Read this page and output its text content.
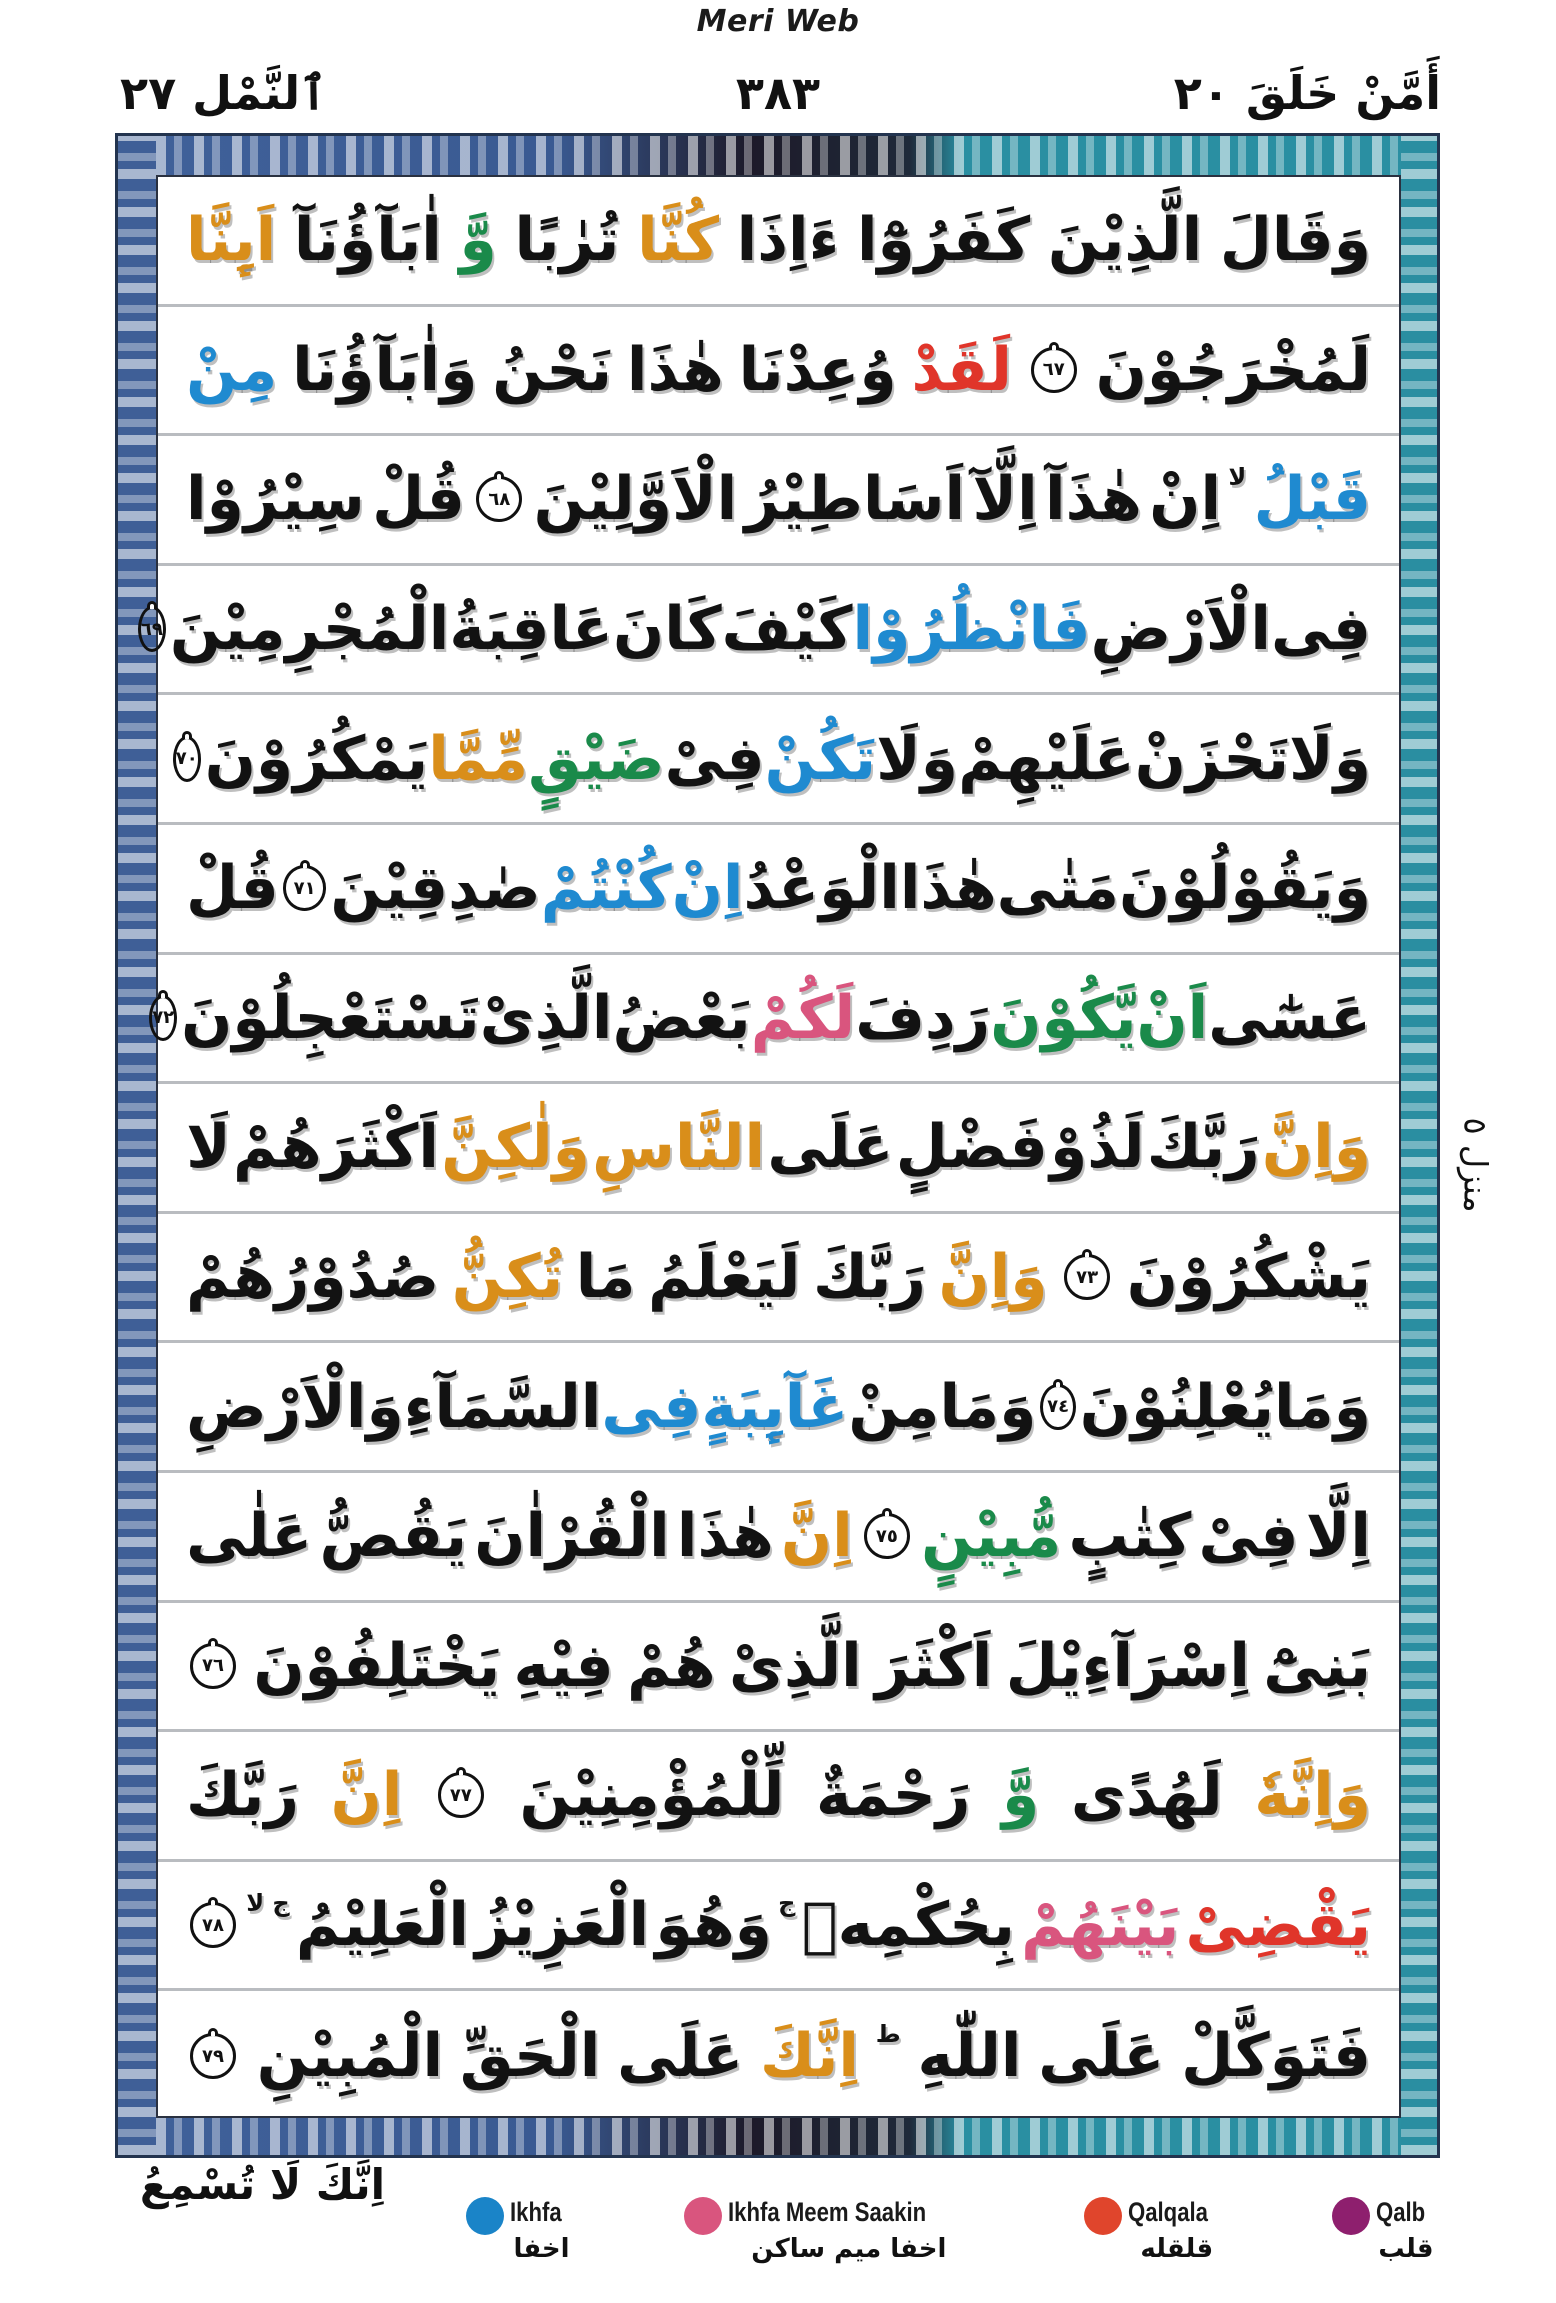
Meri Web
ٱلنَّمْل ٢٧	٣٨٣	أَمَّنْ خَلَقَ ٢٠
وَقَالَ
الَّذِيْنَ
كَفَرُوْٓا
ءَاِذَا
كُنَّا
تُرٰبًا
وَّ
اٰبَآؤُنَآ
اَىِٕنَّا
لَمُخْرَجُوْنَ
٦٧
لَقَدْ
وُعِدْنَا
هٰذَا
نَحْنُ
وَاٰبَآؤُنَا
مِنْ
قَبْلُ
لا
اِنْ
هٰذَآ
اِلَّآ
اَسَاطِيْرُ
الْاَوَّلِيْنَ
٦٨
قُلْ
سِيْرُوْا
فِى
الْاَرْضِ
فَانْظُرُوْا
كَيْفَ
كَانَ
عَاقِبَةُ
الْمُجْرِمِيْنَ
٦٩
وَلَا
تَحْزَنْ
عَلَيْهِمْ
وَلَا
تَكُنْ
فِىْ
ضَيْقٍ
مِّمَّا
يَمْكُرُوْنَ
٧٠
وَيَقُوْلُوْنَ
مَتٰى
هٰذَا
الْوَعْدُ
اِنْ
كُنْتُمْ
صٰدِقِيْنَ
٧١
قُلْ
عَسٰٓى
اَنْ
يَّكُوْنَ
رَدِفَ
لَكُمْ
بَعْضُ
الَّذِىْ
تَسْتَعْجِلُوْنَ
٧٢
وَاِنَّ
رَبَّكَ
لَذُوْ
فَضْلٍ
عَلَى
النَّاسِ
وَلٰكِنَّ
اَكْثَرَهُمْ
لَا
يَشْكُرُوْنَ
٧٣
وَاِنَّ
رَبَّكَ
لَيَعْلَمُ
مَا
تُكِنُّ
صُدُوْرُهُمْ
وَمَا
يُعْلِنُوْنَ
٧٤
وَمَا
مِنْ
غَآىِٕبَةٍ
فِى
السَّمَآءِ
وَالْاَرْضِ
اِلَّا
فِىْ
كِتٰبٍ
مُّبِيْنٍ
٧٥
اِنَّ
هٰذَا
الْقُرْاٰنَ
يَقُصُّ
عَلٰى
بَنِىْٓ
اِسْرَآءِيْلَ
اَكْثَرَ
الَّذِىْ
هُمْ
فِيْهِ
يَخْتَلِفُوْنَ
٧٦
وَاِنَّهٗ
لَهُدًى
وَّ
رَحْمَةٌ
لِّلْمُؤْمِنِيْنَ
٧٧
اِنَّ
رَبَّكَ
يَقْضِىْ
بَيْنَهُمْ
بِحُكْمِهٖ
ج
وَهُوَ
الْعَزِيْزُ
الْعَلِيْمُ
ج لا
٧٨
فَتَوَكَّلْ
عَلَى
اللّٰهِ
ط
اِنَّكَ
عَلَى
الْحَقِّ
الْمُبِيْنِ
٧٩
منزل ٥
اِنَّكَ لَا تُسْمِعُ
Ikhfa
اخفا
Ikhfa Meem Saakin
اخفا میم ساکن
Qalqala
قلقله
Qalb
قلب
